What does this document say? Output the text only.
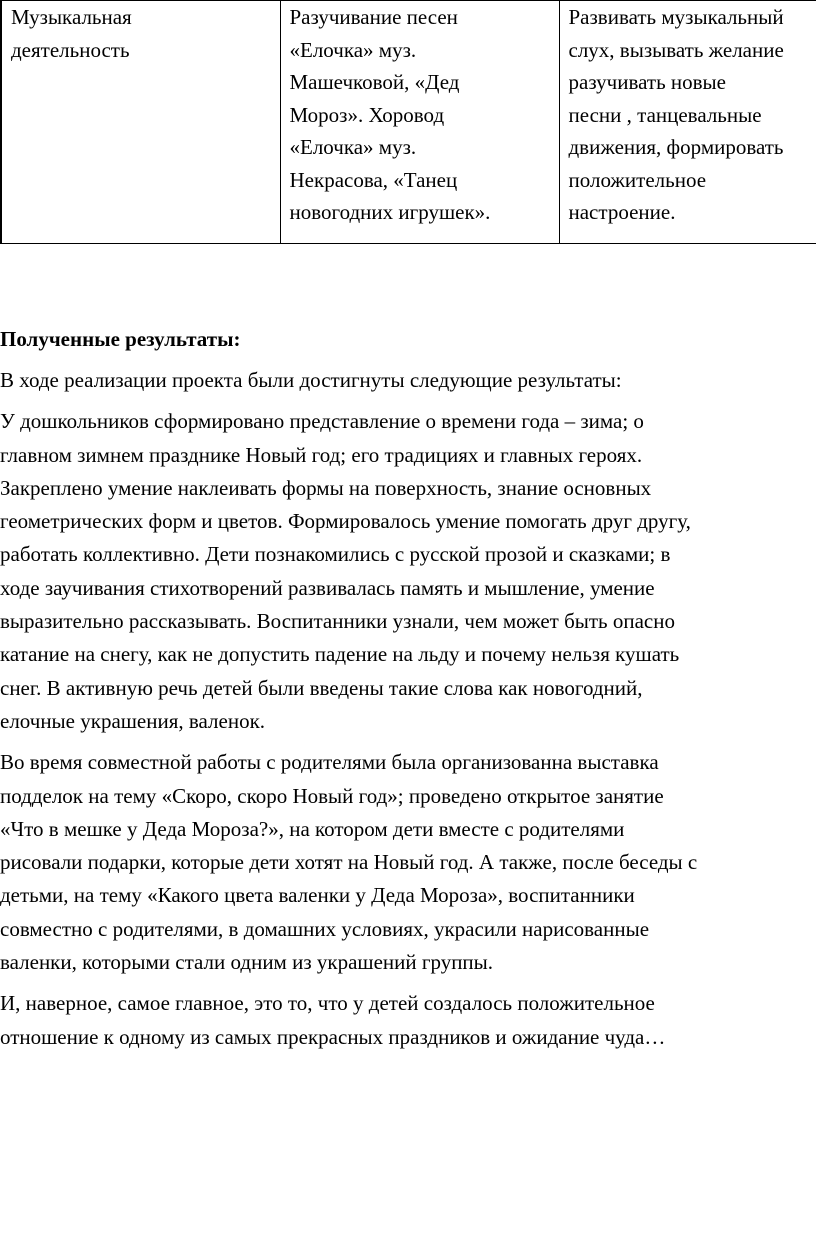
Музыкальная
деятельность

Разучивание песен
«Елочка» муз.
Машечковой, «Дед
Мороз». Хоровод
«Елочка» муз.
Некрасова, «Танец
новогодних игрушек».

Развивать музыкальный
слух, вызывать желание
разучивать новые
песни , танцевальные
движения, формировать
положительное
настроение.
Полученные результаты:
В ходе реализации проекта были достигнуты следующие результаты:
У дошкольников сформировано представление о времени года – зима; о
главном зимнем празднике Новый год; его традициях и главных героях.
Закреплено умение наклеивать формы на поверхность, знание основных
геометрических форм и цветов. Формировалось умение помогать друг другу,
работать коллективно. Дети познакомились с русской прозой и сказками; в
ходе заучивания стихотворений развивалась память и мышление, умение
выразительно рассказывать. Воспитанники узнали, чем может быть опасно
катание на снегу, как не допустить падение на льду и почему нельзя кушать
снег. В активную речь детей были введены такие слова как новогодний,
елочные украшения, валенок.
Во время совместной работы с родителями была организованна выставка
подделок на тему «Скоро, скоро Новый год»; проведено открытое занятие
«Что в мешке у Деда Мороза?», на котором дети вместе с родителями
рисовали подарки, которые дети хотят на Новый год. А также, после беседы с
детьми, на тему «Какого цвета валенки у Деда Мороза», воспитанники
совместно с родителями, в домашних условиях, украсили нарисованные
валенки, которыми стали одним из украшений группы.
И, наверное, самое главное, это то, что у детей создалось положительное
отношение к одному из самых прекрасных праздников и ожидание чуда…
